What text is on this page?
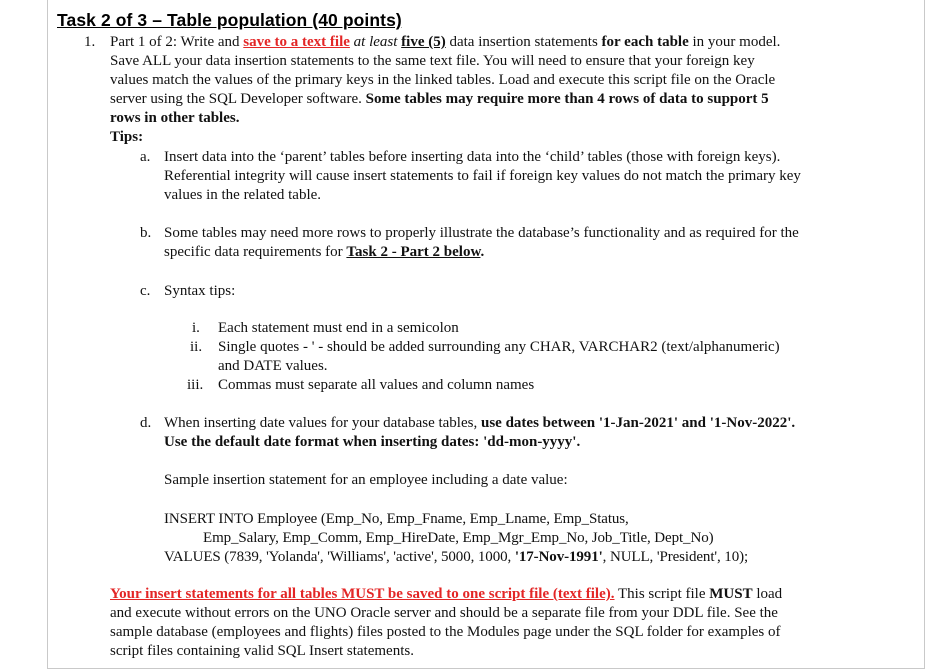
Task 2 of 3 – Table population (40 points)
1. Part 1 of 2: Write and save to a text file at least five (5) data insertion statements for each table in your model.
Save ALL your data insertion statements to the same text file. You will need to ensure that your foreign key
values match the values of the primary keys in the linked tables. Load and execute this script file on the Oracle
server using the SQL Developer software. Some tables may require more than 4 rows of data to support 5
rows in other tables.
Tips:
a. Insert data into the ‘parent’ tables before inserting data into the ‘child’ tables (those with foreign keys).
Referential integrity will cause insert statements to fail if foreign key values do not match the primary key
values in the related table.
b. Some tables may need more rows to properly illustrate the database’s functionality and as required for the
specific data requirements for Task 2 - Part 2 below.
c. Syntax tips:
i. Each statement must end in a semicolon
ii. Single quotes - ' - should be added surrounding any CHAR, VARCHAR2 (text/alphanumeric)
and DATE values.
iii. Commas must separate all values and column names
d. When inserting date values for your database tables, use dates between '1-Jan-2021' and '1-Nov-2022'.
Use the default date format when inserting dates: 'dd-mon-yyyy'.
Sample insertion statement for an employee including a date value:
INSERT INTO Employee (Emp_No, Emp_Fname, Emp_Lname, Emp_Status,
Emp_Salary, Emp_Comm, Emp_HireDate, Emp_Mgr_Emp_No, Job_Title, Dept_No)
VALUES (7839, 'Yolanda', 'Williams', 'active', 5000, 1000, '17-Nov-1991', NULL, 'President', 10);
Your insert statements for all tables MUST be saved to one script file (text file). This script file MUST load
and execute without errors on the UNO Oracle server and should be a separate file from your DDL file. See the
sample database (employees and flights) files posted to the Modules page under the SQL folder for examples of
script files containing valid SQL Insert statements.
